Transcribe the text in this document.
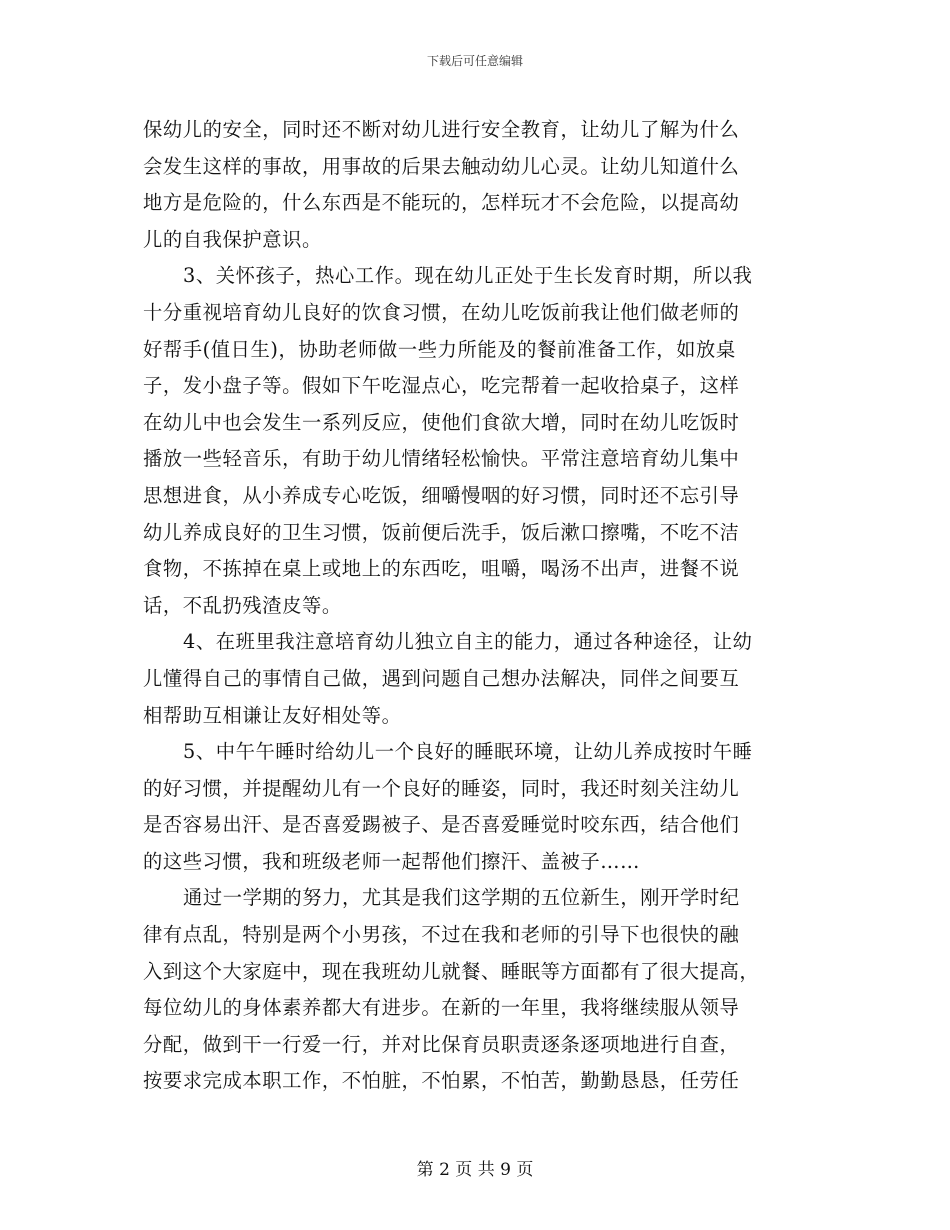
下载后可任意编辑
保幼儿的安全，同时还不断对幼儿进行安全教育，让幼儿了解为什么
会发生这样的事故，用事故的后果去触动幼儿心灵。让幼儿知道什么
地方是危险的，什么东西是不能玩的，怎样玩才不会危险，以提高幼
儿的自我保护意识。
3、关怀孩子，热心工作。现在幼儿正处于生长发育时期，所以我
十分重视培育幼儿良好的饮食习惯，在幼儿吃饭前我让他们做老师的
好帮手(值日生)，协助老师做一些力所能及的餐前准备工作，如放桌
子，发小盘子等。假如下午吃湿点心，吃完帮着一起收拾桌子，这样
在幼儿中也会发生一系列反应，使他们食欲大增，同时在幼儿吃饭时
播放一些轻音乐，有助于幼儿情绪轻松愉快。平常注意培育幼儿集中
思想进食，从小养成专心吃饭，细嚼慢咽的好习惯，同时还不忘引导
幼儿养成良好的卫生习惯，饭前便后洗手，饭后漱口擦嘴，不吃不洁
食物，不拣掉在桌上或地上的东西吃，咀嚼，喝汤不出声，进餐不说
话，不乱扔残渣皮等。
4、在班里我注意培育幼儿独立自主的能力，通过各种途径，让幼
儿懂得自己的事情自己做，遇到问题自己想办法解决，同伴之间要互
相帮助互相谦让友好相处等。
5、中午午睡时给幼儿一个良好的睡眠环境，让幼儿养成按时午睡
的好习惯，并提醒幼儿有一个良好的睡姿，同时，我还时刻关注幼儿
是否容易出汗、是否喜爱踢被子、是否喜爱睡觉时咬东西，结合他们
的这些习惯，我和班级老师一起帮他们擦汗、盖被子……
通过一学期的努力，尤其是我们这学期的五位新生，刚开学时纪
律有点乱，特别是两个小男孩，不过在我和老师的引导下也很快的融
入到这个大家庭中，现在我班幼儿就餐、睡眠等方面都有了很大提高，
每位幼儿的身体素养都大有进步。在新的一年里，我将继续服从领导
分配，做到干一行爱一行，并对比保育员职责逐条逐项地进行自查，
按要求完成本职工作，不怕脏，不怕累，不怕苦，勤勤恳恳，任劳任
第 2 页 共 9 页
